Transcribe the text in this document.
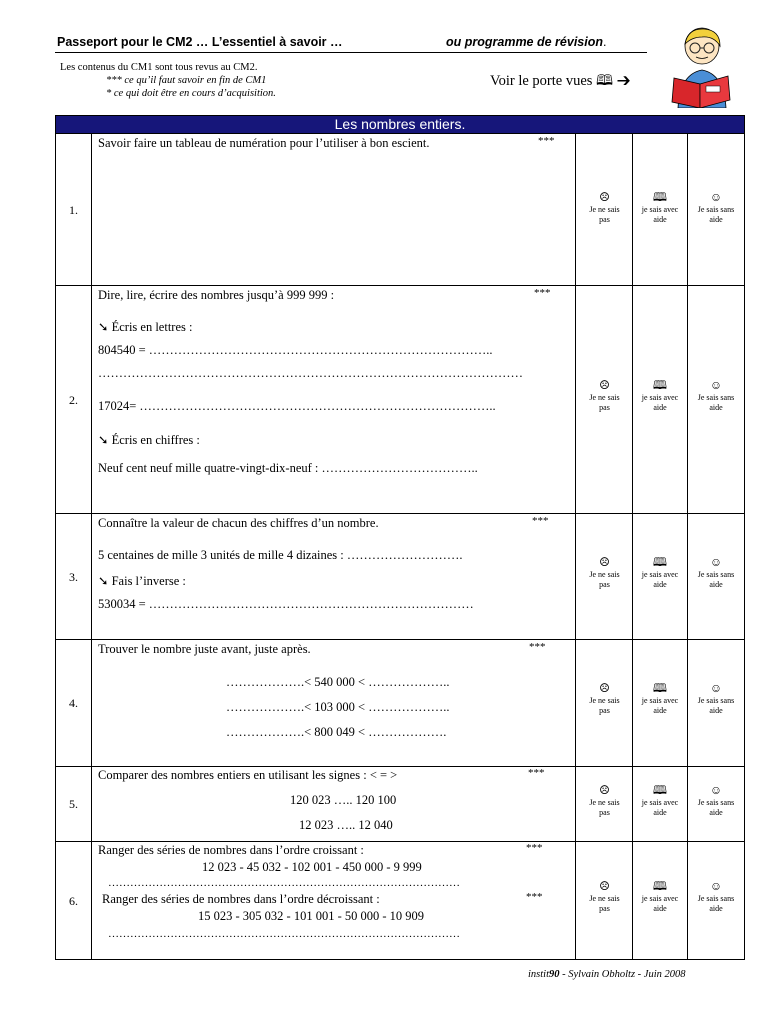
Passeport pour le CM2 … L’essentiel à savoir …	ou programme de révision.
Les contenus du CM1 sont tous revus au CM2.
*** ce qu’il faut savoir en fin de CM1
* ce qui doit être en cours d’acquisition.
Voir le porte vues 🕮 ➔
Les nombres entiers.
1.
Savoir faire un tableau de numération pour l’utiliser à bon escient.	***
☹
Je ne sais
pas
🕮
je sais avec
aide
☺
Je sais sans
aide
2.
Dire, lire, écrire des nombres jusqu’à 999 999 :	***
➘ Écris en lettres :
804540 = ………………………………………………………………………..
…………………………………………………………………………………………
17024= …………………………………………………………………………..
➘ Écris en chiffres :
Neuf cent neuf mille quatre-vingt-dix-neuf : ………………………………..
☹
Je ne sais
pas
🕮
je sais avec
aide
☺
Je sais sans
aide
3.
Connaître la valeur de chacun des chiffres d’un nombre.	***
5 centaines de mille 3 unités de mille 4 dizaines : ……………………….
➘ Fais l’inverse :
530034 = ……………………………………………………………………
☹
Je ne sais
pas
🕮
je sais avec
aide
☺
Je sais sans
aide
4.
Trouver le nombre juste avant, juste après.	***
……………….< 540 000 < ………………..
……………….< 103 000 < ………………..
……………….< 800 049 < ……………….
☹
Je ne sais
pas
🕮
je sais avec
aide
☺
Je sais sans
aide
5.
Comparer des nombres entiers en utilisant les signes : < = >	***
120 023 ….. 120 100
12 023 ….. 12 040
☹
Je ne sais
pas
🕮
je sais avec
aide
☺
Je sais sans
aide
6.
Ranger des séries de nombres dans l’ordre croissant :	***
12 023 - 45 032 - 102 001 - 450 000 - 9 999
……………………………………………………………………………………
Ranger des séries de nombres dans l’ordre décroissant :	***
15 023 - 305 032 - 101 001 - 50 000 - 10 909
……………………………………………………………………………………
☹
Je ne sais
pas
🕮
je sais avec
aide
☺
Je sais sans
aide
instit90 - Sylvain Obholtz - Juin 2008
